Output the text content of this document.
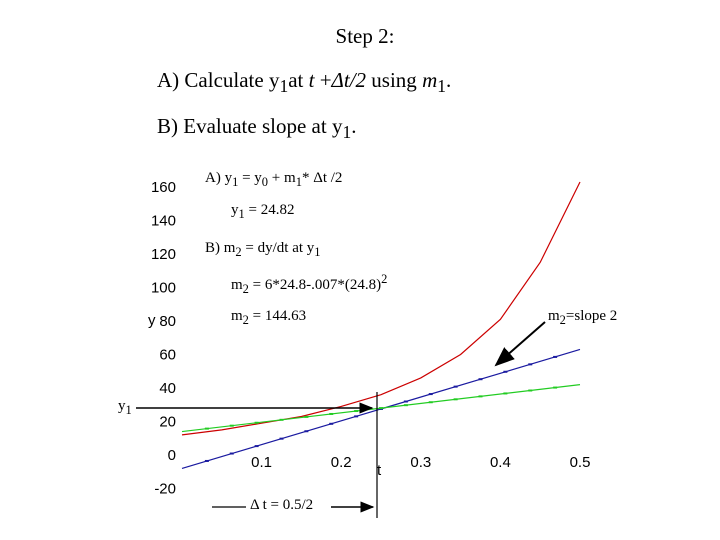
Step 2:
A) Calculate $y_1at$ t +Δt/2 using $m_1$.
B) Evaluate slope at $y_1$.
-20
0
20
40
60
80
100
120
140
160
0.1	0.2	0.3	0.4	0.5
y
t
A) $y_1 = y_0 + m_1*$ Δt /2
$y_1 = 24.82$
B) $m_2 = dy/dt$ at $y_1$
$m_2 = 6*24.8-.007*(24.8)^2$
$m_2 = 144.63$	$m_2=slope$ 2
$y_1$
Δ t = 0.5/2
